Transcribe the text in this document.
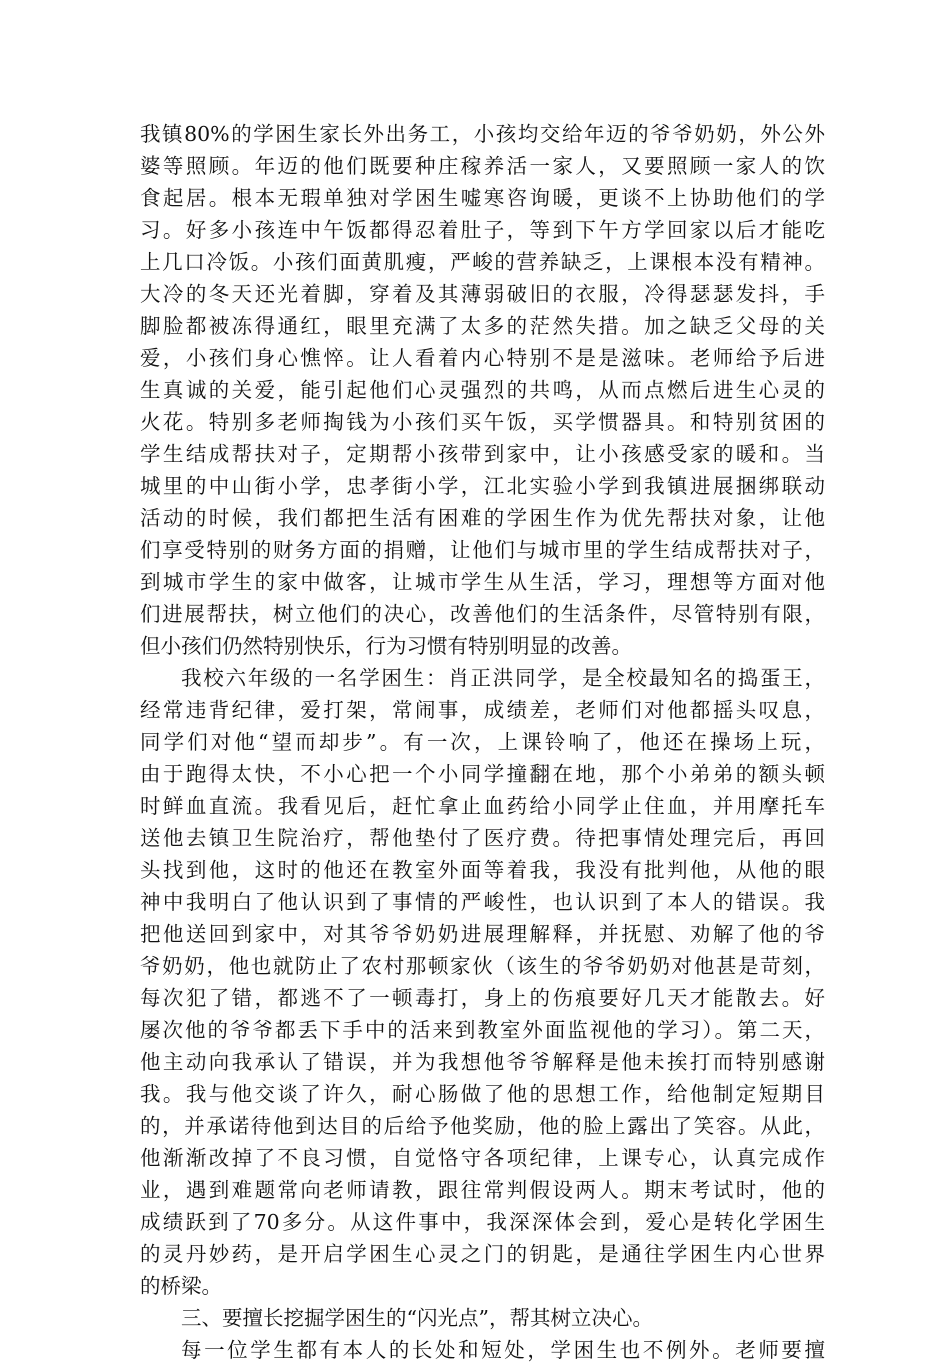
我镇80%的学困生家长外出务工，小孩均交给年迈的爷爷奶奶，外公外
婆等照顾。年迈的他们既要种庄稼养活一家人，又要照顾一家人的饮
食起居。根本无瑕单独对学困生嘘寒咨询暖，更谈不上协助他们的学
习。好多小孩连中午饭都得忍着肚子，等到下午方学回家以后才能吃
上几口冷饭。小孩们面黄肌瘦，严峻的营养缺乏，上课根本没有精神。
大冷的冬天还光着脚，穿着及其薄弱破旧的衣服，冷得瑟瑟发抖，手
脚脸都被冻得通红，眼里充满了太多的茫然失措。加之缺乏父母的关
爱，小孩们身心憔悴。让人看着内心特别不是是滋味。老师给予后进
生真诚的关爱，能引起他们心灵强烈的共鸣，从而点燃后进生心灵的
火花。特别多老师掏钱为小孩们买午饭，买学惯器具。和特别贫困的
学生结成帮扶对子，定期帮小孩带到家中，让小孩感受家的暖和。当
城里的中山街小学，忠孝街小学，江北实验小学到我镇进展捆绑联动
活动的时候，我们都把生活有困难的学困生作为优先帮扶对象，让他
们享受特别的财务方面的捐赠，让他们与城市里的学生结成帮扶对子，
到城市学生的家中做客，让城市学生从生活，学习，理想等方面对他
们进展帮扶，树立他们的决心，改善他们的生活条件，尽管特别有限，
但小孩们仍然特别快乐，行为习惯有特别明显的改善。
我校六年级的一名学困生：肖正洪同学，是全校最知名的捣蛋王，
经常违背纪律，爱打架，常闹事，成绩差，老师们对他都摇头叹息，
同学们对他“望而却步”。有一次，上课铃响了，他还在操场上玩，
由于跑得太快，不小心把一个小同学撞翻在地，那个小弟弟的额头顿
时鲜血直流。我看见后，赶忙拿止血药给小同学止住血，并用摩托车
送他去镇卫生院治疗，帮他垫付了医疗费。待把事情处理完后，再回
头找到他，这时的他还在教室外面等着我，我没有批判他，从他的眼
神中我明白了他认识到了事情的严峻性，也认识到了本人的错误。我
把他送回到家中，对其爷爷奶奶进展理解释，并抚慰、劝解了他的爷
爷奶奶，他也就防止了农村那顿家伙（该生的爷爷奶奶对他甚是苛刻，
每次犯了错，都逃不了一顿毒打，身上的伤痕要好几天才能散去。好
屡次他的爷爷都丢下手中的活来到教室外面监视他的学习）。第二天，
他主动向我承认了错误，并为我想他爷爷解释是他未挨打而特别感谢
我。我与他交谈了许久，耐心肠做了他的思想工作，给他制定短期目
的，并承诺待他到达目的后给予他奖励，他的脸上露出了笑容。从此，
他渐渐改掉了不良习惯，自觉恪守各项纪律，上课专心，认真完成作
业，遇到难题常向老师请教，跟往常判假设两人。期末考试时，他的
成绩跃到了70多分。从这件事中，我深深体会到，爱心是转化学困生
的灵丹妙药，是开启学困生心灵之门的钥匙，是通往学困生内心世界
的桥梁。
三、要擅长挖掘学困生的“闪光点”，帮其树立决心。
每一位学生都有本人的长处和短处，学困生也不例外。老师要擅
